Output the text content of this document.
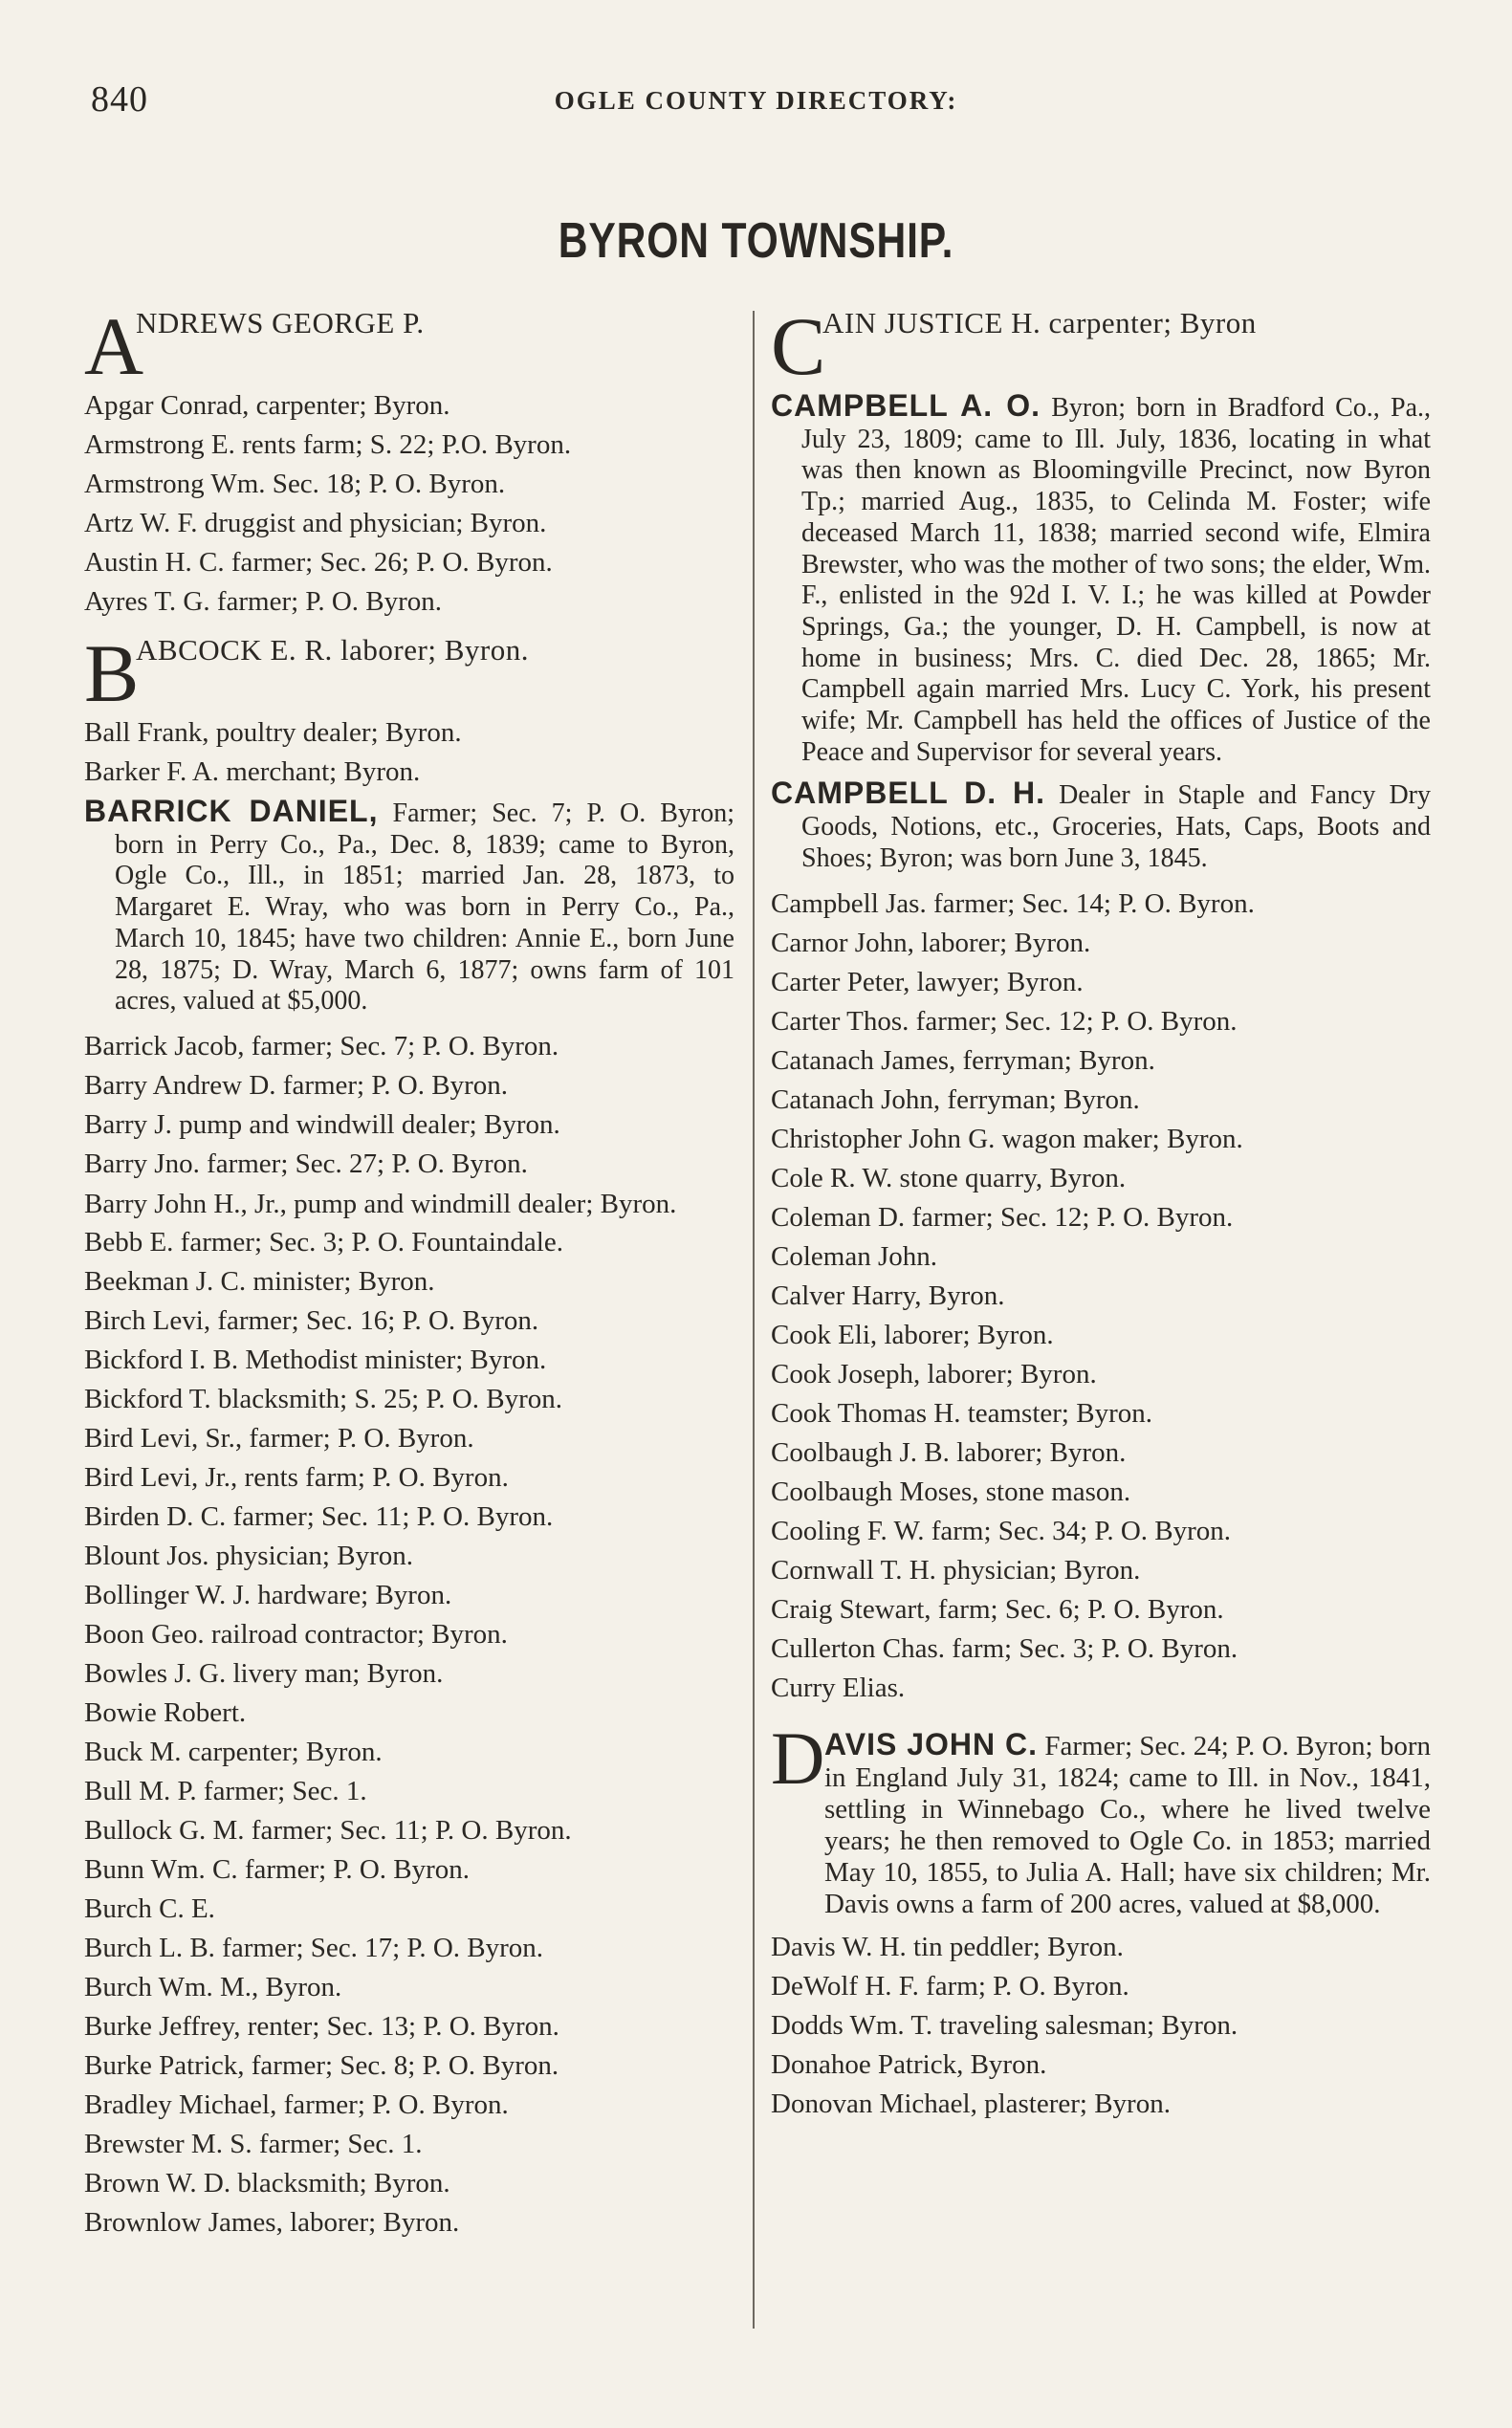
840	OGLE COUNTY DIRECTORY:
BYRON TOWNSHIP.
A
NDREWS GEORGE P.
Apgar Conrad, carpenter; Byron.
Armstrong E. rents farm; S. 22; P.O. Byron.
Armstrong Wm. Sec. 18; P. O. Byron.
Artz W. F. druggist and physician; Byron.
Austin H. C. farmer; Sec. 26; P. O. Byron.
Ayres T. G. farmer; P. O. Byron.
B
ABCOCK E. R. laborer; Byron.
Ball Frank, poultry dealer; Byron.
Barker F. A. merchant; Byron.
BARRICK DANIEL, Farmer; Sec. 7; P. O. Byron; born in Perry Co., Pa., Dec. 8, 1839; came to Byron, Ogle Co., Ill., in 1851; married Jan. 28, 1873, to Margaret E. Wray, who was born in Perry Co., Pa., March 10, 1845; have two children: Annie E., born June 28, 1875; D. Wray, March 6, 1877; owns farm of 101 acres, valued at $5,000.
Barrick Jacob, farmer; Sec. 7; P. O. Byron.
Barry Andrew D. farmer; P. O. Byron.
Barry J. pump and windwill dealer; Byron.
Barry Jno. farmer; Sec. 27; P. O. Byron.
Barry John H., Jr., pump and windmill dealer; Byron.
Bebb E. farmer; Sec. 3; P. O. Fountaindale.
Beekman J. C. minister; Byron.
Birch Levi, farmer; Sec. 16; P. O. Byron.
Bickford I. B. Methodist minister; Byron.
Bickford T. blacksmith; S. 25; P. O. Byron.
Bird Levi, Sr., farmer; P. O. Byron.
Bird Levi, Jr., rents farm; P. O. Byron.
Birden D. C. farmer; Sec. 11; P. O. Byron.
Blount Jos. physician; Byron.
Bollinger W. J. hardware; Byron.
Boon Geo. railroad contractor; Byron.
Bowles J. G. livery man; Byron.
Bowie Robert.
Buck M. carpenter; Byron.
Bull M. P. farmer; Sec. 1.
Bullock G. M. farmer; Sec. 11; P. O. Byron.
Bunn Wm. C. farmer; P. O. Byron.
Burch C. E.
Burch L. B. farmer; Sec. 17; P. O. Byron.
Burch Wm. M., Byron.
Burke Jeffrey, renter; Sec. 13; P. O. Byron.
Burke Patrick, farmer; Sec. 8; P. O. Byron.
Bradley Michael, farmer; P. O. Byron.
Brewster M. S. farmer; Sec. 1.
Brown W. D. blacksmith; Byron.
Brownlow James, laborer; Byron.
C
AIN JUSTICE H. carpenter; Byron
CAMPBELL A. O. Byron; born in Bradford Co., Pa., July 23, 1809; came to Ill. July, 1836, locating in what was then known as Bloomingville Precinct, now Byron Tp.; married Aug., 1835, to Celinda M. Foster; wife deceased March 11, 1838; married second wife, Elmira Brewster, who was the mother of two sons; the elder, Wm. F., enlisted in the 92d I. V. I.; he was killed at Powder Springs, Ga.; the younger, D. H. Campbell, is now at home in business; Mrs. C. died Dec. 28, 1865; Mr. Campbell again married Mrs. Lucy C. York, his present wife; Mr. Campbell has held the offices of Justice of the Peace and Supervisor for several years.
CAMPBELL D. H. Dealer in Staple and Fancy Dry Goods, Notions, etc., Groceries, Hats, Caps, Boots and Shoes; Byron; was born June 3, 1845.
Campbell Jas. farmer; Sec. 14; P. O. Byron.
Carnor John, laborer; Byron.
Carter Peter, lawyer; Byron.
Carter Thos. farmer; Sec. 12; P. O. Byron.
Catanach James, ferryman; Byron.
Catanach John, ferryman; Byron.
Christopher John G. wagon maker; Byron.
Cole R. W. stone quarry, Byron.
Coleman D. farmer; Sec. 12; P. O. Byron.
Coleman John.
Calver Harry, Byron.
Cook Eli, laborer; Byron.
Cook Joseph, laborer; Byron.
Cook Thomas H. teamster; Byron.
Coolbaugh J. B. laborer; Byron.
Coolbaugh Moses, stone mason.
Cooling F. W. farm; Sec. 34; P. O. Byron.
Cornwall T. H. physician; Byron.
Craig Stewart, farm; Sec. 6; P. O. Byron.
Cullerton Chas. farm; Sec. 3; P. O. Byron.
Curry Elias.
D AVIS JOHN C. Farmer; Sec. 24; P. O. Byron; born in England July 31, 1824; came to Ill. in Nov., 1841, settling in Winnebago Co., where he lived twelve years; he then removed to Ogle Co. in 1853; married May 10, 1855, to Julia A. Hall; have six children; Mr. Davis owns a farm of 200 acres, valued at $8,000.
Davis W. H. tin peddler; Byron.
DeWolf H. F. farm; P. O. Byron.
Dodds Wm. T. traveling salesman; Byron.
Donahoe Patrick, Byron.
Donovan Michael, plasterer; Byron.
